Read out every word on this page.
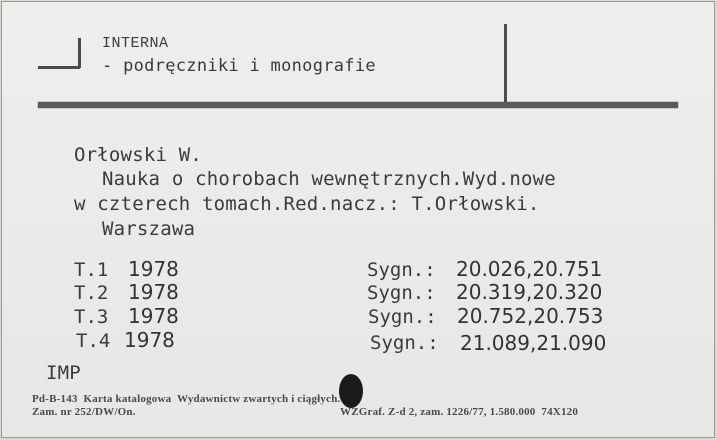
INTERNA
- podręczniki i monografie
Orłowski W.
Nauka o chorobach wewnętrznych.Wyd.nowe
w czterech tomach.Red.nacz.: T.Orłowski.
Warszawa
T.1 1978	Sygn.: 20.026,20.751
T.2 1978	Sygn.: 20.319,20.320
T.3 1978	Sygn.: 20.752,20.753
T.4 1978	Sygn.: 21.089,21.090
IMP
Pd-B-143  Karta katalogowa  Wydawnictw zwartych i ciągłych.
Zam. nr 252/DW/On.	WZGraf. Z-d 2, zam. 1226/77, 1.580.000  74X120
